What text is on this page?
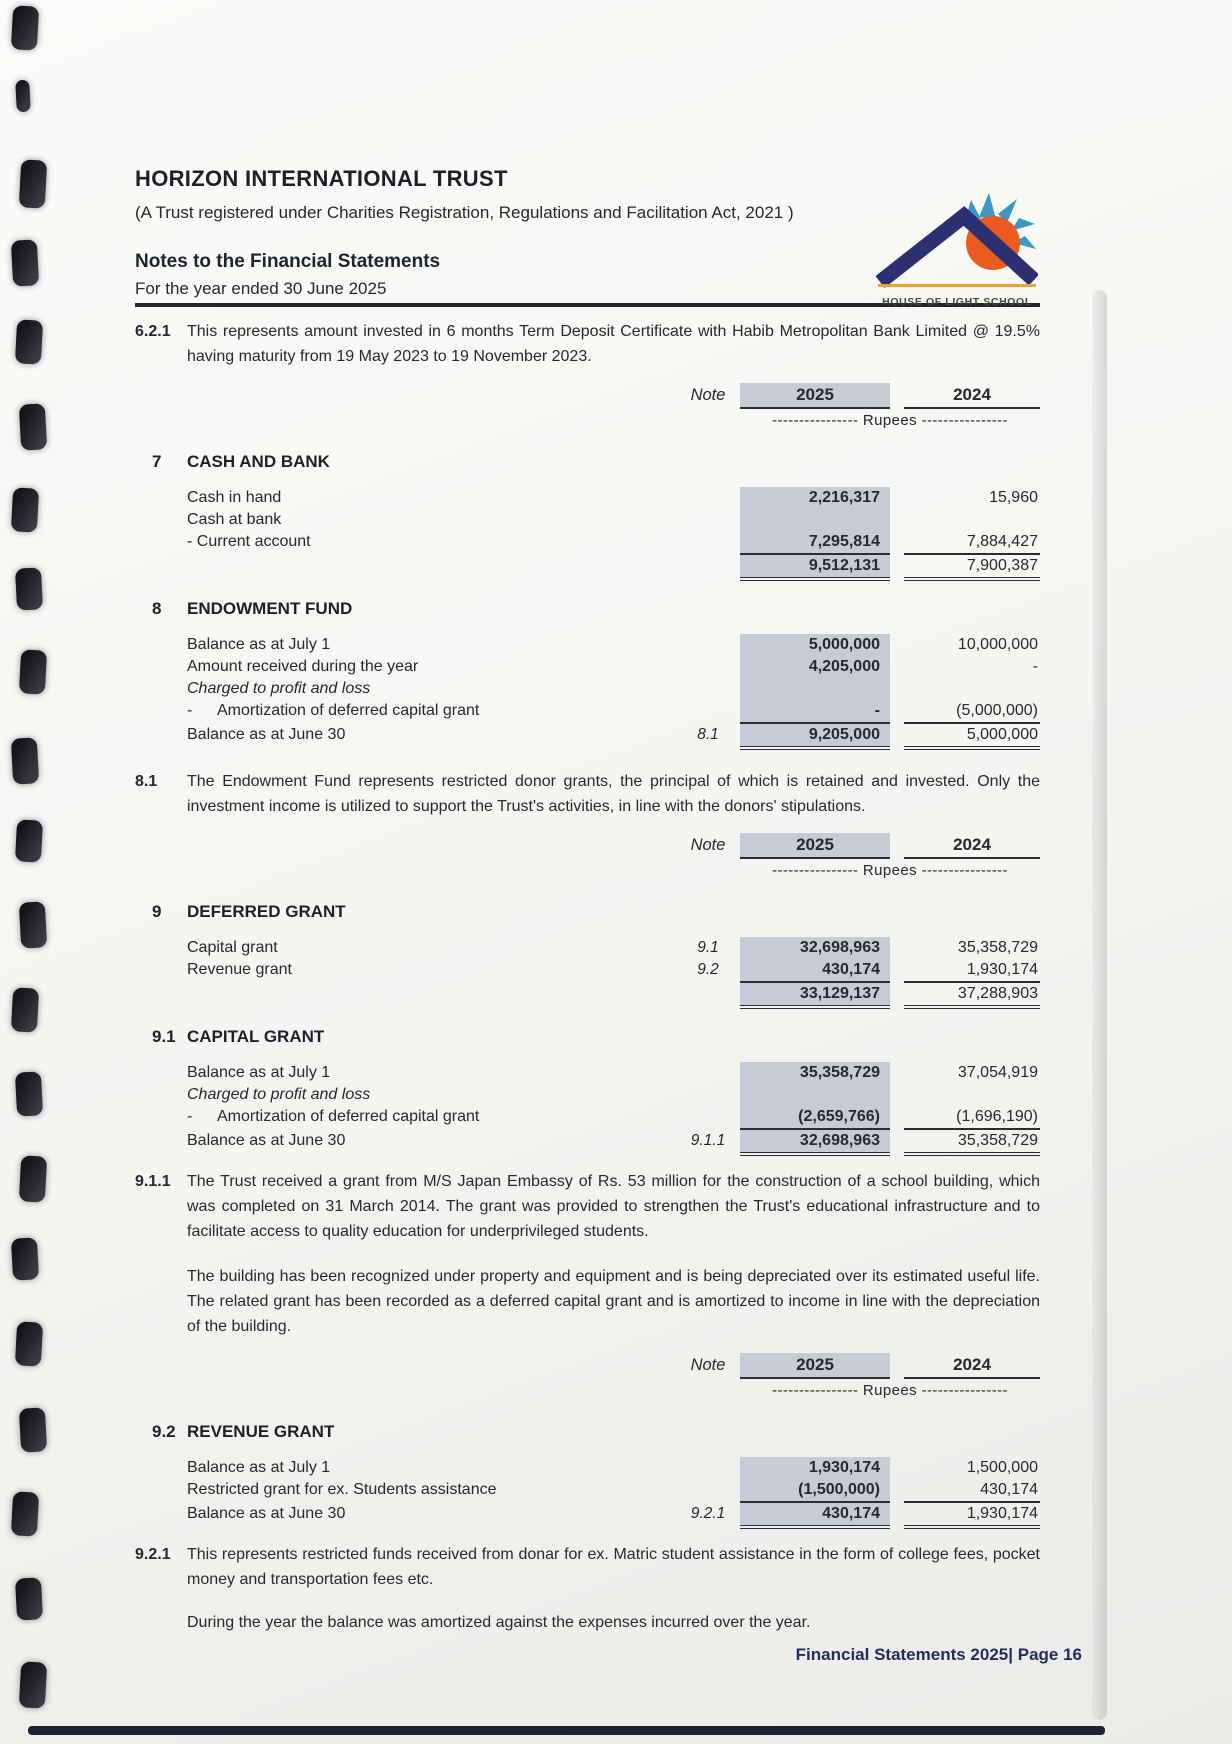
HORIZON INTERNATIONAL TRUST
(A Trust registered under Charities Registration, Regulations and Facilitation Act, 2021 )
Notes to the Financial Statements
For the year ended 30 June 2025
HOUSE OF LIGHT SCHOOL
6.2.1	This represents amount invested in 6 months Term Deposit Certificate with Habib Metropolitan Bank Limited @ 19.5% having maturity from 19 May 2023 to 19 November 2023.
Note	2025	2024
---------------- Rupees ----------------
7	CASH AND BANK
Cash in hand	2,216,317	15,960
Cash at bank
- Current account	7,295,814	7,884,427
9,512,131	7,900,387
8	ENDOWMENT FUND
Balance as at July 1	5,000,000	10,000,000
Amount received during the year	4,205,000	-
Charged to profit and loss
- Amortization of deferred capital grant	-	(5,000,000)
Balance as at June 30	8.1	9,205,000	5,000,000
8.1	The Endowment Fund represents restricted donor grants, the principal of which is retained and invested. Only the investment income is utilized to support the Trust's activities, in line with the donors' stipulations.
Note	2025	2024
---------------- Rupees ----------------
9	DEFERRED GRANT
Capital grant	9.1	32,698,963	35,358,729
Revenue grant	9.2	430,174	1,930,174
33,129,137	37,288,903
9.1 CAPITAL GRANT
Balance as at July 1	35,358,729	37,054,919
Charged to profit and loss
- Amortization of deferred capital grant	(2,659,766)	(1,696,190)
Balance as at June 30	9.1.1	32,698,963	35,358,729
9.1.1	The Trust received a grant from M/S Japan Embassy of Rs. 53 million for the construction of a school building, which was completed on 31 March 2014. The grant was provided to strengthen the Trust's educational infrastructure and to facilitate access to quality education for underprivileged students.
The building has been recognized under property and equipment and is being depreciated over its estimated useful life. The related grant has been recorded as a deferred capital grant and is amortized to income in line with the depreciation of the building.
Note	2025	2024
---------------- Rupees ----------------
9.2 REVENUE GRANT
Balance as at July 1	1,930,174	1,500,000
Restricted grant for ex. Students assistance	(1,500,000)	430,174
Balance as at June 30	9.2.1	430,174	1,930,174
9.2.1	This represents restricted funds received from donar for ex. Matric student assistance in the form of college fees, pocket money and transportation fees etc.
During the year the balance was amortized against the expenses incurred over the year.
Financial Statements 2025| Page 16
